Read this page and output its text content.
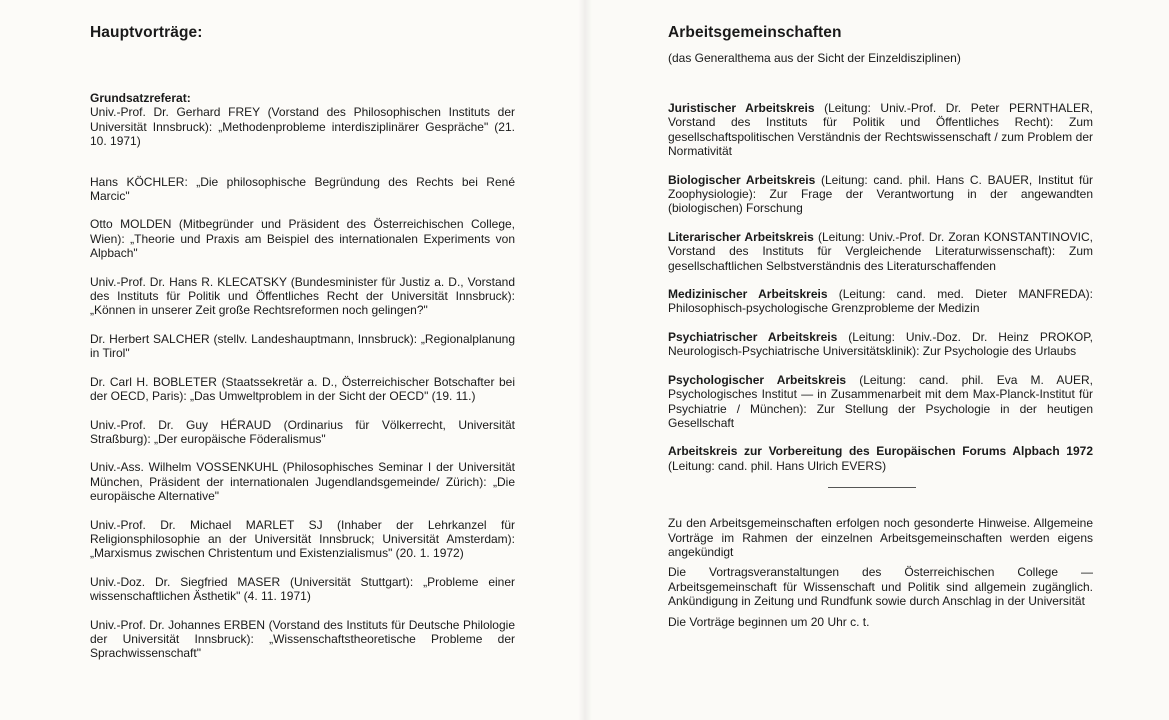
Hauptvorträge:

Grundsatzreferat:

Univ.-Prof. Dr. Gerhard FREY (Vorstand des Philosophischen Instituts der Universität Innsbruck): „Methodenprobleme interdisziplinärer Gespräche" (21. 10. 1971)

Hans KÖCHLER: „Die philosophische Begründung des Rechts bei René Marcic"

Otto MOLDEN (Mitbegründer und Präsident des Österreichischen College, Wien): „Theorie und Praxis am Beispiel des internationalen Experiments von Alpbach"

Univ.-Prof. Dr. Hans R. KLECATSKY (Bundesminister für Justiz a. D., Vorstand des Instituts für Politik und Öffentliches Recht der Universität Innsbruck): „Können in unserer Zeit große Rechtsreformen noch gelingen?"

Dr. Herbert SALCHER (stellv. Landeshauptmann, Innsbruck): „Regionalplanung in Tirol"

Dr. Carl H. BOBLETER (Staatssekretär a. D., Österreichischer Botschafter bei der OECD, Paris): „Das Umweltproblem in der Sicht der OECD" (19. 11.)

Univ.-Prof. Dr. Guy HÉRAUD (Ordinarius für Völkerrecht, Universität Straßburg): „Der europäische Föderalismus"

Univ.-Ass. Wilhelm VOSSENKUHL (Philosophisches Seminar I der Universität München, Präsident der internationalen Jugendlandsgemeinde/ Zürich): „Die europäische Alternative"

Univ.-Prof. Dr. Michael MARLET SJ (Inhaber der Lehrkanzel für Religionsphilosophie an der Universität Innsbruck; Universität Amsterdam): „Marxismus zwischen Christentum und Existenzialismus" (20. 1. 1972)

Univ.-Doz. Dr. Siegfried MASER (Universität Stuttgart): „Probleme einer wissenschaftlichen Ästhetik" (4. 11. 1971)

Univ.-Prof. Dr. Johannes ERBEN (Vorstand des Instituts für Deutsche Philologie der Universität Innsbruck): „Wissenschaftstheoretische Probleme der Sprachwissenschaft"

Arbeitsgemeinschaften
(das Generalthema aus der Sicht der Einzeldisziplinen)

Juristischer Arbeitskreis (Leitung: Univ.-Prof. Dr. Peter PERNTHALER, Vorstand des Instituts für Politik und Öffentliches Recht): Zum gesellschaftspolitischen Verständnis der Rechtswissenschaft / zum Problem der Normativität

Biologischer Arbeitskreis (Leitung: cand. phil. Hans C. BAUER, Institut für Zoophysiologie): Zur Frage der Verantwortung in der angewandten (biologischen) Forschung

Literarischer Arbeitskreis (Leitung: Univ.-Prof. Dr. Zoran KONSTANTINOVIC, Vorstand des Instituts für Vergleichende Literaturwissenschaft): Zum gesellschaftlichen Selbstverständnis des Literaturschaffenden

Medizinischer Arbeitskreis (Leitung: cand. med. Dieter MANFREDA): Philosophisch-psychologische Grenzprobleme der Medizin

Psychiatrischer Arbeitskreis (Leitung: Univ.-Doz. Dr. Heinz PROKOP, Neurologisch-Psychiatrische Universitätsklinik): Zur Psychologie des Urlaubs

Psychologischer Arbeitskreis (Leitung: cand. phil. Eva M. AUER, Psychologisches Institut — in Zusammenarbeit mit dem Max-Planck-Institut für Psychiatrie / München): Zur Stellung der Psychologie in der heutigen Gesellschaft

Arbeitskreis zur Vorbereitung des Europäischen Forums Alpbach 1972 (Leitung: cand. phil. Hans Ulrich EVERS)

Zu den Arbeitsgemeinschaften erfolgen noch gesonderte Hinweise. Allgemeine Vorträge im Rahmen der einzelnen Arbeitsgemeinschaften werden eigens angekündigt

Die Vortragsveranstaltungen des Österreichischen College — Arbeitsgemeinschaft für Wissenschaft und Politik sind allgemein zugänglich. Ankündigung in Zeitung und Rundfunk sowie durch Anschlag in der Universität

Die Vorträge beginnen um 20 Uhr c. t.
